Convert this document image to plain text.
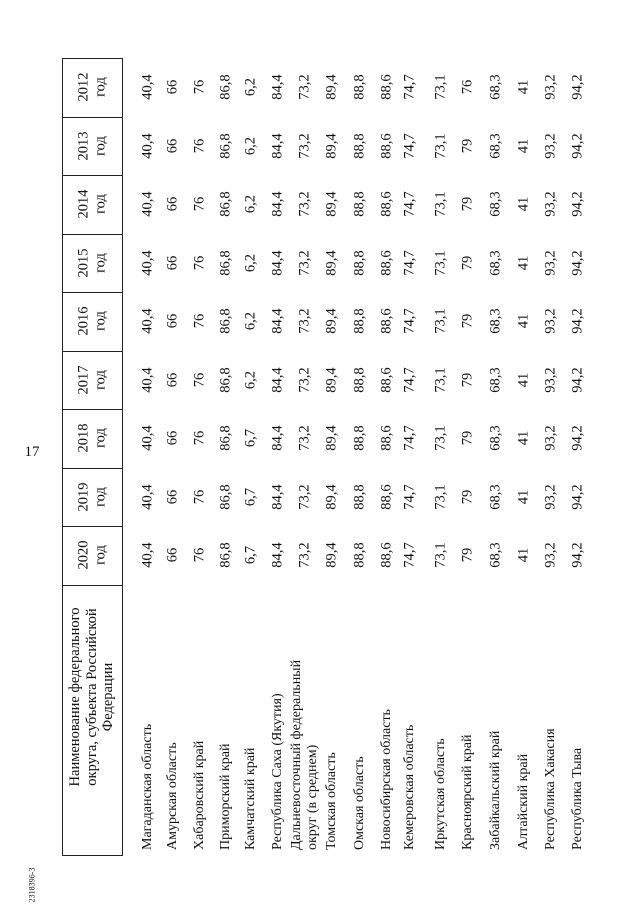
17
2318396-3
Наименование федерального округа, субъекта Российской Федерации
2012 год
2013 год
2014 год
2015 год
2016 год
2017 год
2018 год
2019 год
2020 год
Республика Тыва
94,2
94,2
94,2
94,2
94,2
94,2
94,2
94,2
94,2
Республика Хакасия
93,2
93,2
93,2
93,2
93,2
93,2
93,2
93,2
93,2
Алтайский край
41
41
41
41
41
41
41
41
41
Забайкальский край
68,3
68,3
68,3
68,3
68,3
68,3
68,3
68,3
68,3
Красноярский край
76
79
79
79
79
79
79
79
79
Иркутская область
73,1
73,1
73,1
73,1
73,1
73,1
73,1
73,1
73,1
Кемеровская область
74,7
74,7
74,7
74,7
74,7
74,7
74,7
74,7
74,7
Новосибирская область
88,6
88,6
88,6
88,6
88,6
88,6
88,6
88,6
88,6
Омская область
88,8
88,8
88,8
88,8
88,8
88,8
88,8
88,8
88,8
Томская область
89,4
89,4
89,4
89,4
89,4
89,4
89,4
89,4
89,4
Дальневосточный федеральный округ (в среднем)
73,2
73,2
73,2
73,2
73,2
73,2
73,2
73,2
73,2
Республика Саха (Якутия)
84,4
84,4
84,4
84,4
84,4
84,4
84,4
84,4
84,4
Камчатский край
6,2
6,2
6,2
6,2
6,2
6,2
6,7
6,7
6,7
Приморский край
86,8
86,8
86,8
86,8
86,8
86,8
86,8
86,8
86,8
Хабаровский край
76
76
76
76
76
76
76
76
76
Амурская область
66
66
66
66
66
66
66
66
66
Магаданская область
40,4
40,4
40,4
40,4
40,4
40,4
40,4
40,4
40,4
